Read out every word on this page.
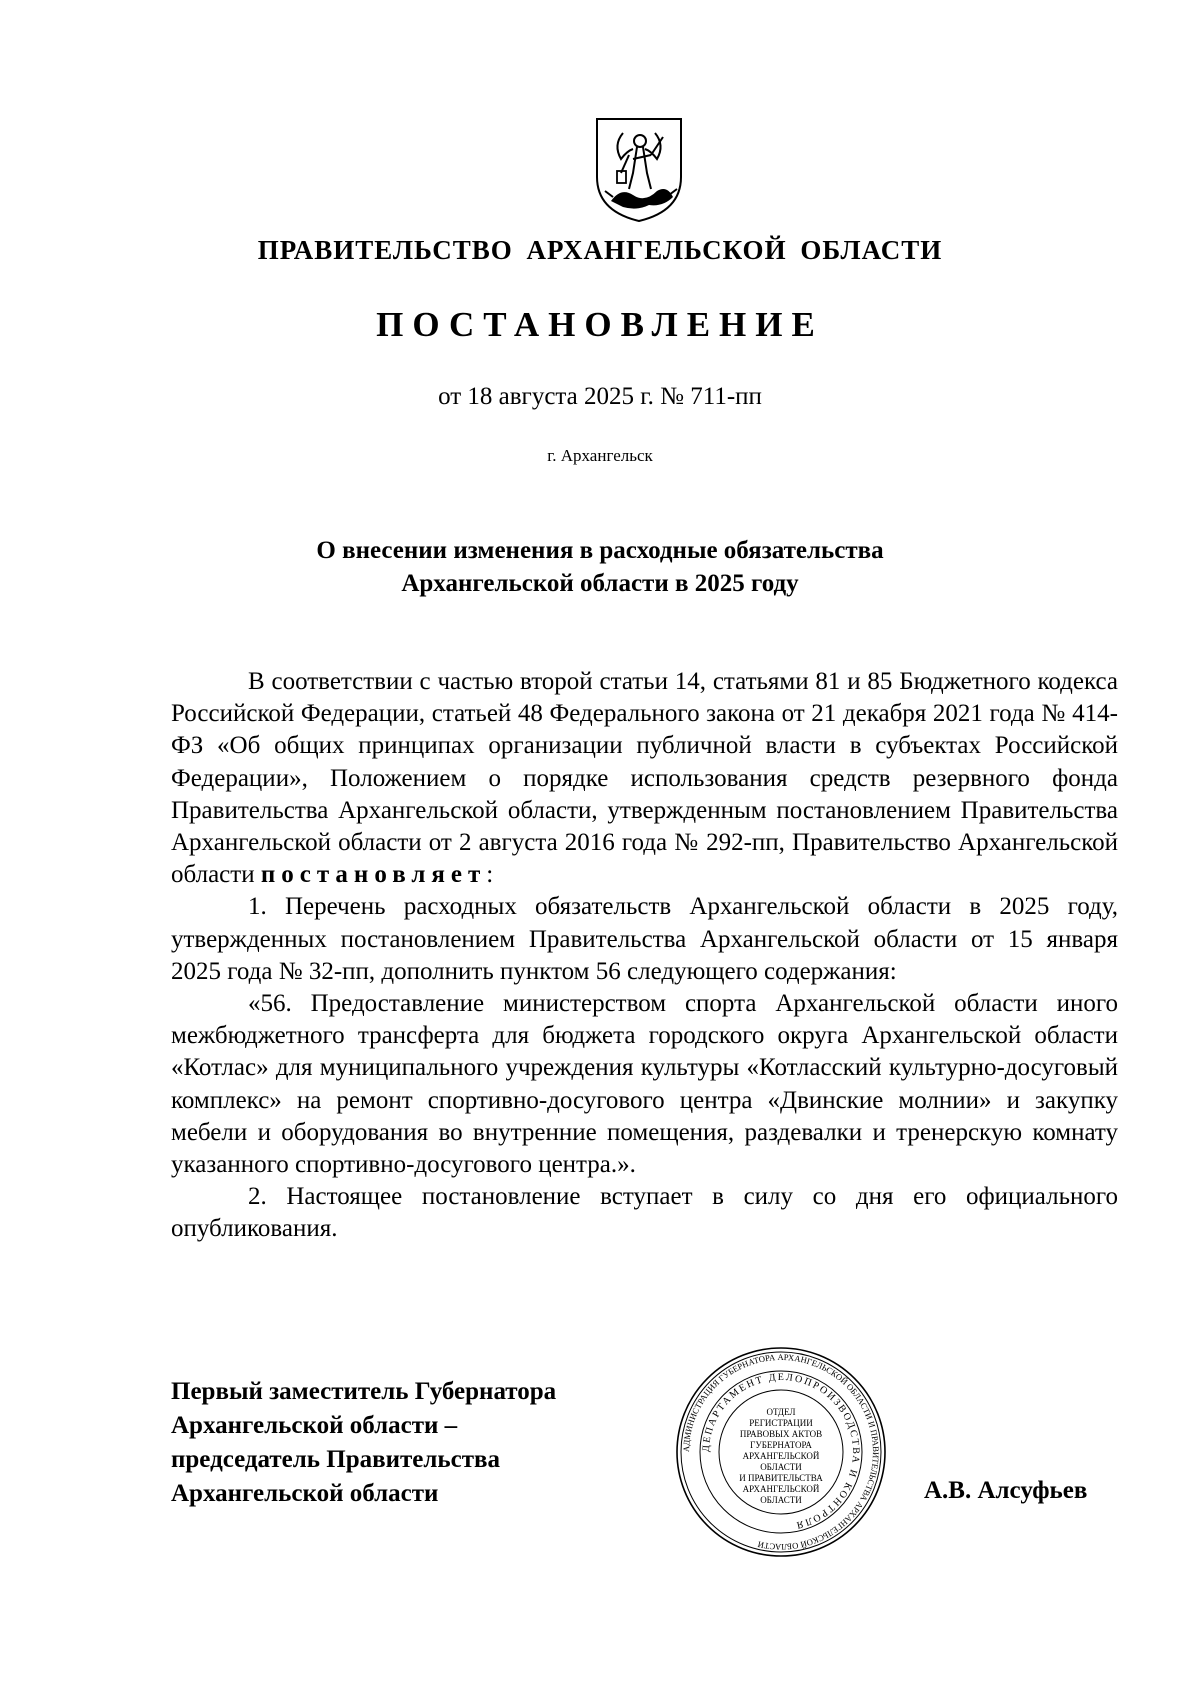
ПРАВИТЕЛЬСТВО АРХАНГЕЛЬСКОЙ ОБЛАСТИ
ПОСТАНОВЛЕНИЕ
от 18 августа 2025 г. № 711-пп
г. Архангельск
О внесении изменения в расходные обязательства
Архангельской области в 2025 году

В соответствии с частью второй статьи 14, статьями 81 и 85 Бюджетного кодекса Российской Федерации, статьей 48 Федерального закона от 21 декабря 2021 года № 414-ФЗ «Об общих принципах организации публичной власти в субъектах Российской Федерации», Положением о порядке использования средств резервного фонда Правительства Архангельской области, утвержденным постановлением Правительства Архангельской области от 2 августа 2016 года № 292-пп, Правительство Архангельской области постановляет:

1. Перечень расходных обязательств Архангельской области в 2025 году, утвержденных постановлением Правительства Архангельской области от 15 января 2025 года № 32-пп, дополнить пунктом 56 следующего содержания:

«56. Предоставление министерством спорта Архангельской области иного межбюджетного трансферта для бюджета городского округа Архангельской области «Котлас» для муниципального учреждения культуры «Котласский культурно-досуговый комплекс» на ремонт спортивно-досугового центра «Двинские молнии» и закупку мебели и оборудования во внутренние помещения, раздевалки и тренерскую комнату указанного спортивно-досугового центра.».

2. Настоящее постановление вступает в силу со дня его официального опубликования.

Первый заместитель Губернатора
Архангельской области –
председатель Правительства
Архангельской области
АДМИНИСТРАЦИЯ ГУБЕРНАТОРА АРХАНГЕЛЬСКОЙ ОБЛАСТИ И ПРАВИТЕЛЬСТВА АРХАНГЕЛЬСКОЙ ОБЛАСТИ
ДЕПАРТАМЕНТ ДЕЛОПРОИЗВОДСТВА И КОНТРОЛЯ
ОТДЕЛ
РЕГИСТРАЦИИ
ПРАВОВЫХ АКТОВ
ГУБЕРНАТОРА
АРХАНГЕЛЬСКОЙ
ОБЛАСТИ
И ПРАВИТЕЛЬСТВА
АРХАНГЕЛЬСКОЙ
ОБЛАСТИ	А.В. Алсуфьев
